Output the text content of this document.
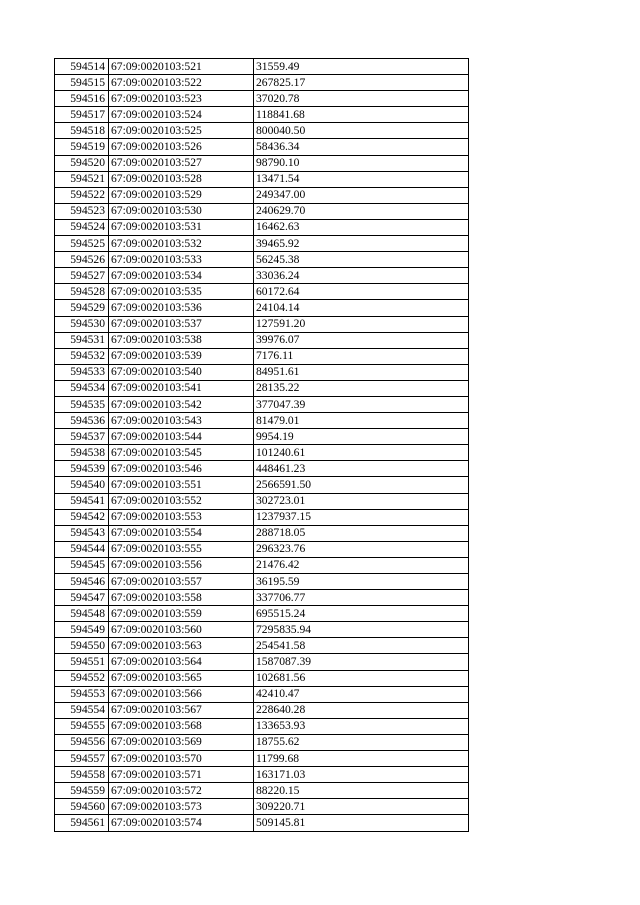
594514	67:09:0020103:521	31559.49
594515	67:09:0020103:522	267825.17
594516	67:09:0020103:523	37020.78
594517	67:09:0020103:524	118841.68
594518	67:09:0020103:525	800040.50
594519	67:09:0020103:526	58436.34
594520	67:09:0020103:527	98790.10
594521	67:09:0020103:528	13471.54
594522	67:09:0020103:529	249347.00
594523	67:09:0020103:530	240629.70
594524	67:09:0020103:531	16462.63
594525	67:09:0020103:532	39465.92
594526	67:09:0020103:533	56245.38
594527	67:09:0020103:534	33036.24
594528	67:09:0020103:535	60172.64
594529	67:09:0020103:536	24104.14
594530	67:09:0020103:537	127591.20
594531	67:09:0020103:538	39976.07
594532	67:09:0020103:539	7176.11
594533	67:09:0020103:540	84951.61
594534	67:09:0020103:541	28135.22
594535	67:09:0020103:542	377047.39
594536	67:09:0020103:543	81479.01
594537	67:09:0020103:544	9954.19
594538	67:09:0020103:545	101240.61
594539	67:09:0020103:546	448461.23
594540	67:09:0020103:551	2566591.50
594541	67:09:0020103:552	302723.01
594542	67:09:0020103:553	1237937.15
594543	67:09:0020103:554	288718.05
594544	67:09:0020103:555	296323.76
594545	67:09:0020103:556	21476.42
594546	67:09:0020103:557	36195.59
594547	67:09:0020103:558	337706.77
594548	67:09:0020103:559	695515.24
594549	67:09:0020103:560	7295835.94
594550	67:09:0020103:563	254541.58
594551	67:09:0020103:564	1587087.39
594552	67:09:0020103:565	102681.56
594553	67:09:0020103:566	42410.47
594554	67:09:0020103:567	228640.28
594555	67:09:0020103:568	133653.93
594556	67:09:0020103:569	18755.62
594557	67:09:0020103:570	11799.68
594558	67:09:0020103:571	163171.03
594559	67:09:0020103:572	88220.15
594560	67:09:0020103:573	309220.71
594561	67:09:0020103:574	509145.81
